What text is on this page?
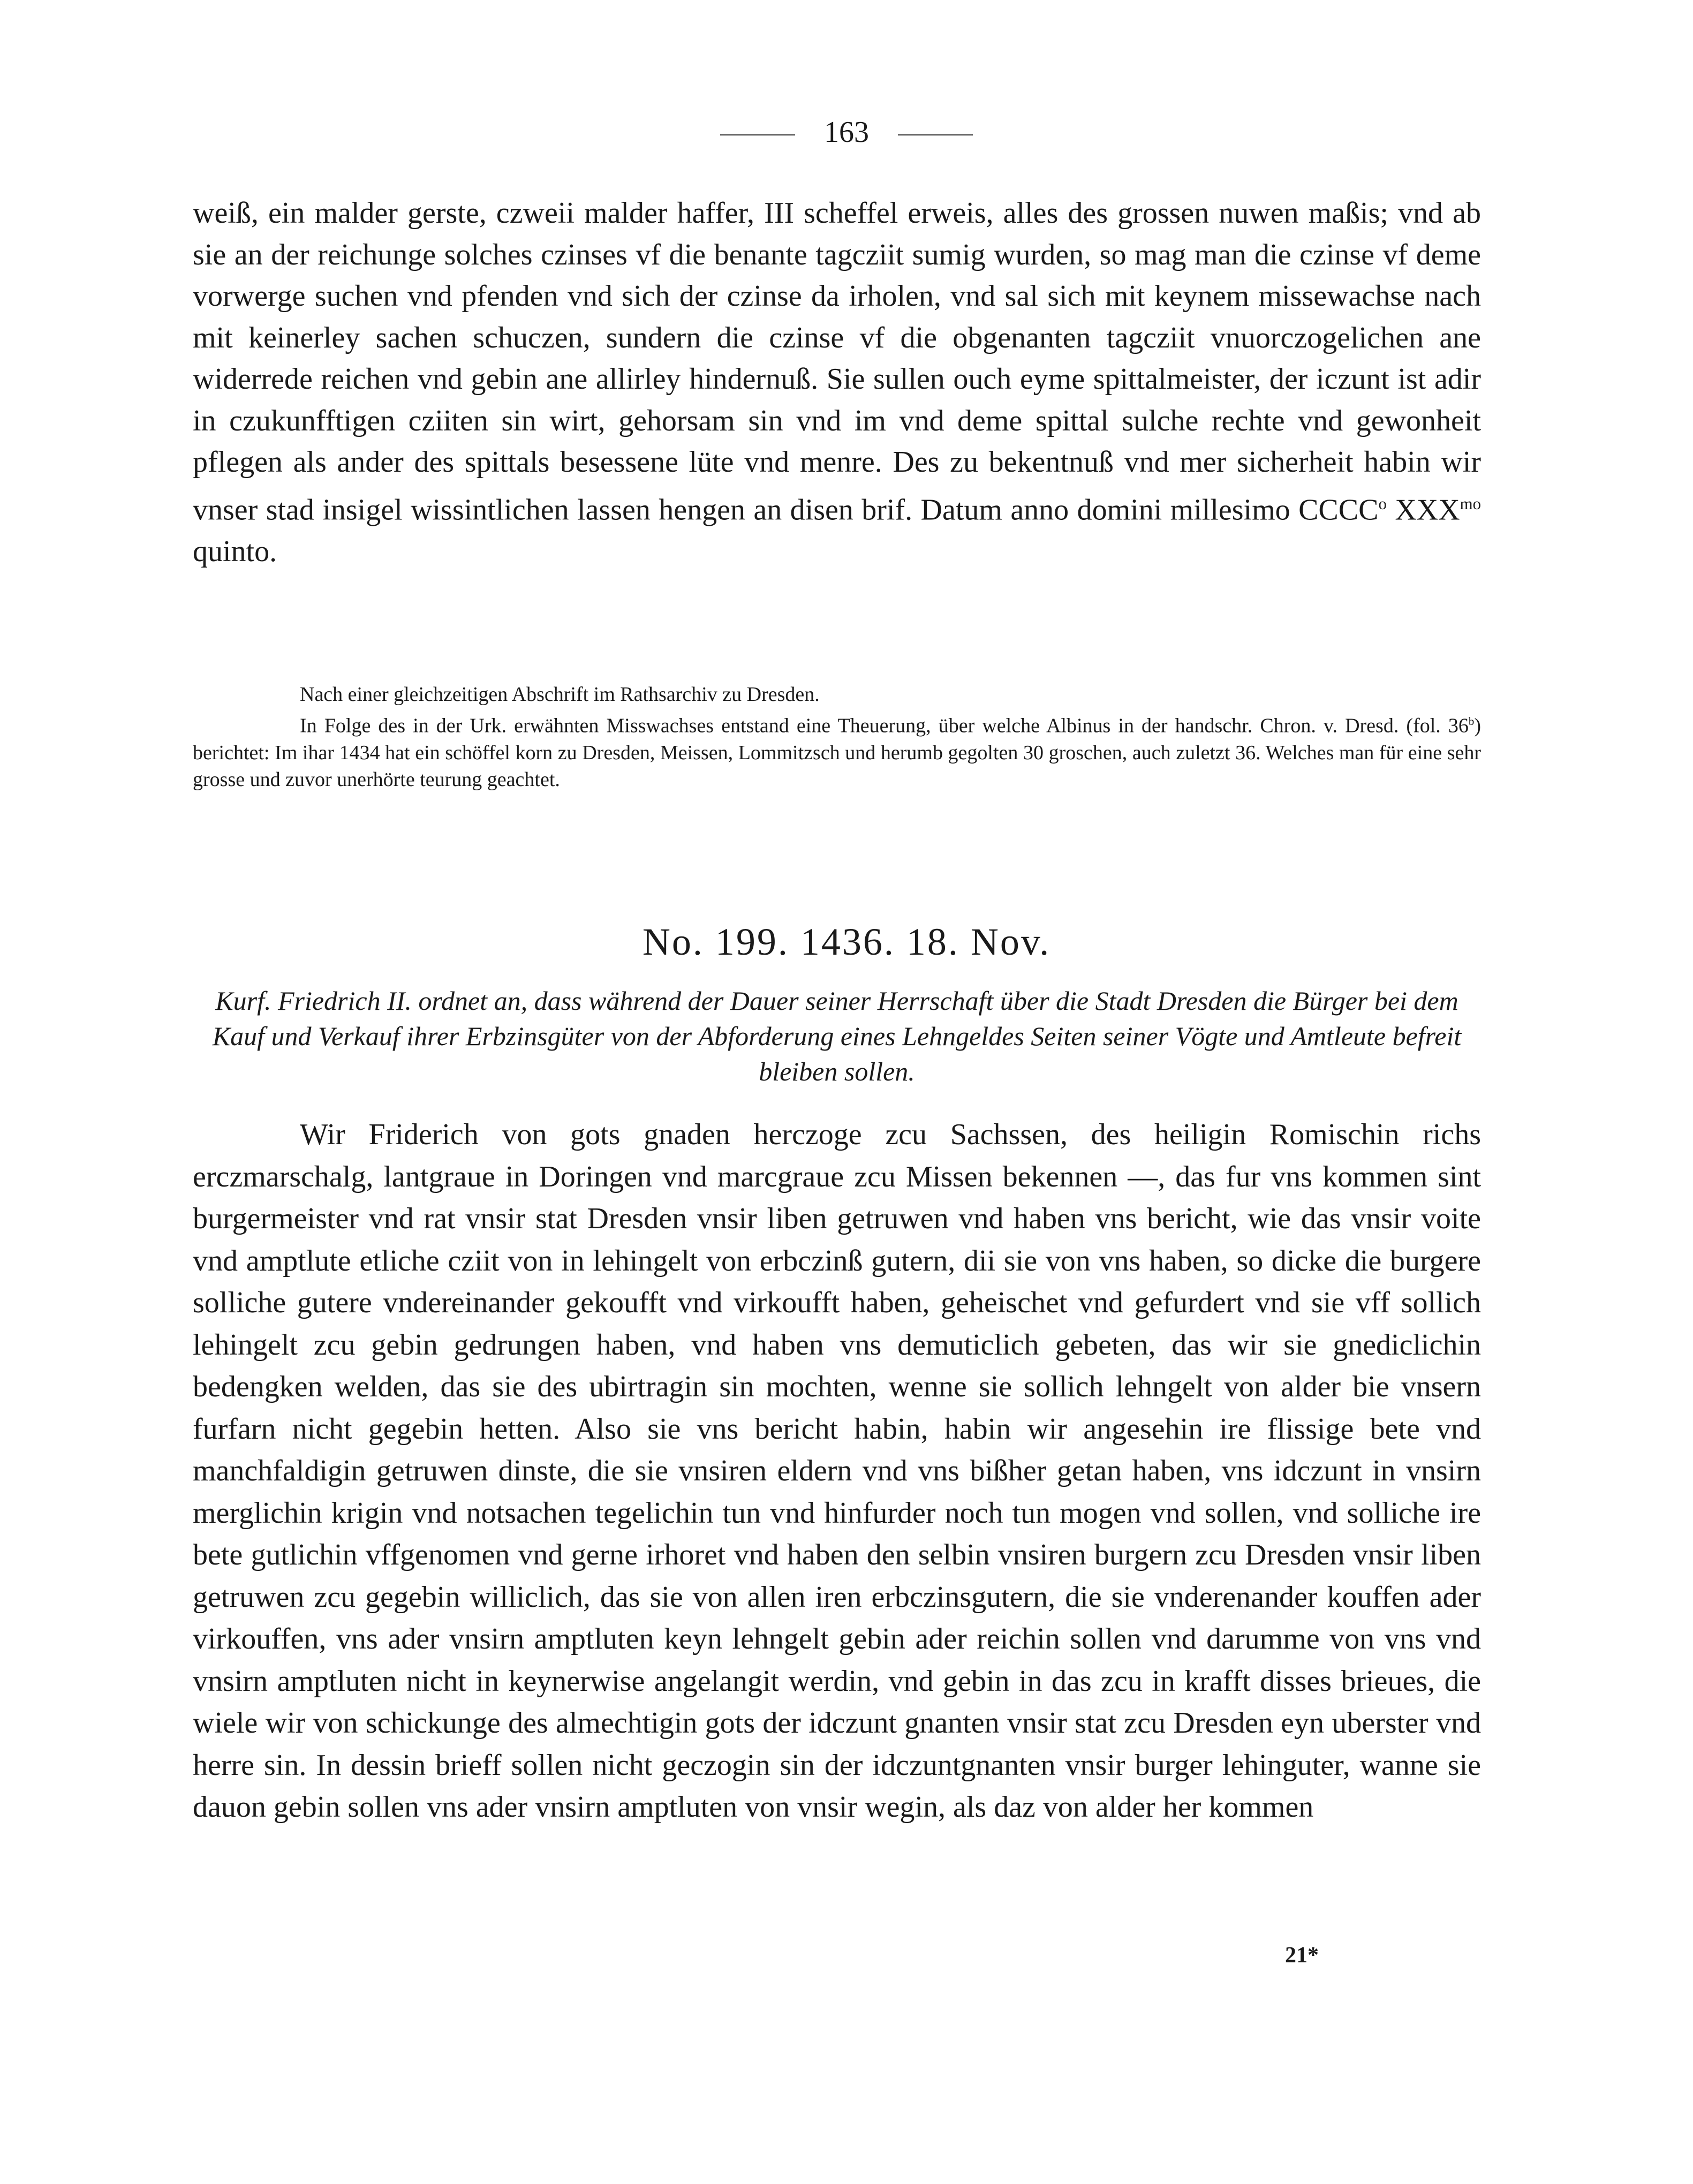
163

weiß, ein malder gerste, czweii malder haffer, III scheffel erweis, alles des grossen nuwen maßis; vnd ab sie an der reichunge solches czinses vf die benante tagcziit sumig wurden, so mag man die czinse vf deme vorwerge suchen vnd pfenden vnd sich der czinse da irholen, vnd sal sich mit keynem missewachse nach mit keinerley sachen schuczen, sundern die czinse vf die obgenanten tagcziit vnuorczogelichen ane widerrede reichen vnd gebin ane allirley hindernuß. Sie sullen ouch eyme spittalmeister, der iczunt ist adir in czukunfftigen cziiten sin wirt, gehorsam sin vnd im vnd deme spittal sulche rechte vnd gewonheit pflegen als ander des spittals besessene lüte vnd menre. Des zu bekentnuß vnd mer sicherheit habin wir vnser stad insigel wissintlichen lassen hengen an disen brif. Datum anno domini millesimo CCCC$^o$ $XXX^{mo}$ quinto.

Nach einer gleichzeitigen Abschrift im Rathsarchiv zu Dresden.

In Folge des in der Urk. erwähnten Misswachses entstand eine Theuerung, über welche Albinus in der handschr. Chron. v. Dresd. (fol. 36$^b$) berichtet: Im ihar 1434 hat ein schöffel korn zu Dresden, Meissen, Lommitzsch und herumb gegolten 30 groschen, auch zuletzt 36. Welches man für eine sehr grosse und zuvor unerhörte teurung geachtet.

No. 199. 1436. 18. Nov.

Kurf. Friedrich II. ordnet an, dass während der Dauer seiner Herrschaft über die Stadt Dresden die Bürger bei dem Kauf und Verkauf ihrer Erbzinsgüter von der Abforderung eines Lehngeldes Seiten seiner Vögte und Amtleute befreit bleiben sollen.

Wir Friderich von gots gnaden herczoge zcu Sachssen, des heiligin Romischin richs erczmarschalg, lantgraue in Doringen vnd marcgraue zcu Missen bekennen —, das fur vns kommen sint burgermeister vnd rat vnsir stat Dresden vnsir liben getruwen vnd haben vns bericht, wie das vnsir voite vnd amptlute etliche cziit von in lehingelt von erbczinß gutern, dii sie von vns haben, so dicke die burgere solliche gutere vndereinander gekoufft vnd virkoufft haben, geheischet vnd gefurdert vnd sie vff sollich lehingelt zcu gebin gedrungen haben, vnd haben vns demuticlich gebeten, das wir sie gnediclichin bedengken welden, das sie des ubirtragin sin mochten, wenne sie sollich lehngelt von alder bie vnsern furfarn nicht gegebin hetten. Also sie vns bericht habin, habin wir angesehin ire flissige bete vnd manchfaldigin getruwen dinste, die sie vnsiren eldern vnd vns bißher getan haben, vns idczunt in vnsirn merglichin krigin vnd notsachen tegelichin tun vnd hinfurder noch tun mogen vnd sollen, vnd solliche ire bete gutlichin vffgenomen vnd gerne irhoret vnd haben den selbin vnsiren burgern zcu Dresden vnsir liben getruwen zcu gegebin williclich, das sie von allen iren erbczinsgutern, die sie vnderenander kouffen ader virkouffen, vns ader vnsirn amptluten keyn lehngelt gebin ader reichin sollen vnd darumme von vns vnd vnsirn amptluten nicht in keynerwise angelangit werdin, vnd gebin in das zcu in krafft disses brieues, die wiele wir von schickunge des almechtigin gots der idczunt gnanten vnsir stat zcu Dresden eyn uberster vnd herre sin. In dessin brieff sollen nicht geczogin sin der idczuntgnanten vnsir burger lehinguter, wanne sie dauon gebin sollen vns ader vnsirn amptluten von vnsir wegin, als daz von alder her kommen

21*
